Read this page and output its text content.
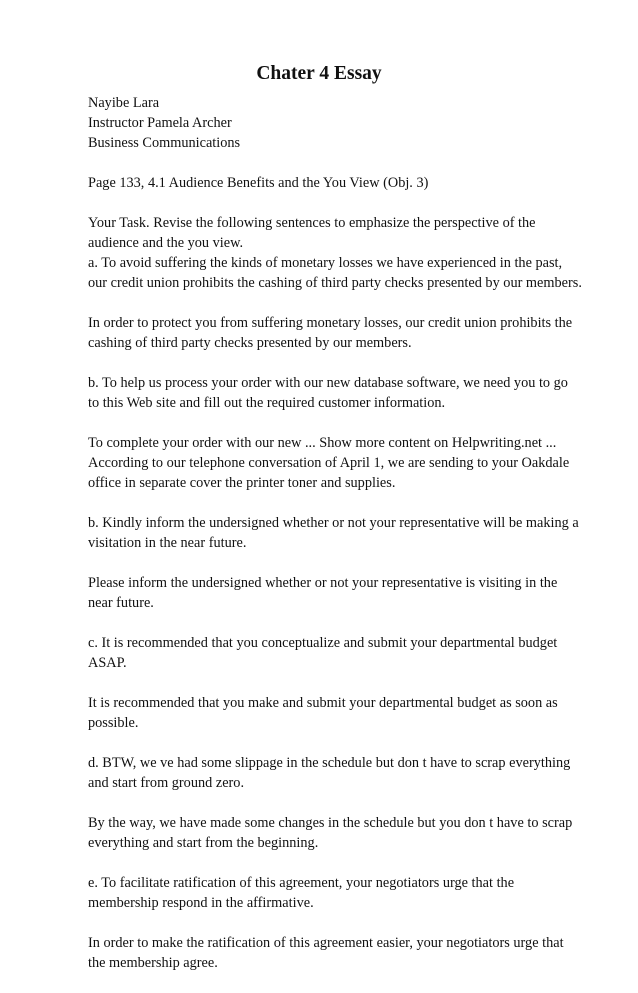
Chater 4 Essay

Nayibe Lara
Instructor Pamela Archer
Business Communications

Page 133, 4.1 Audience Benefits and the You View (Obj. 3)

Your Task. Revise the following sentences to emphasize the perspective of the
audience and the you view.

a. To avoid suffering the kinds of monetary losses we have experienced in the past,
our credit union prohibits the cashing of third party checks presented by our members.

In order to protect you from suffering monetary losses, our credit union prohibits the
cashing of third party checks presented by our members.

b. To help us process your order with our new database software, we need you to go
to this Web site and fill out the required customer information.

To complete your order with our new ... Show more content on Helpwriting.net ...
According to our telephone conversation of April 1, we are sending to your Oakdale
office in separate cover the printer toner and supplies.

b. Kindly inform the undersigned whether or not your representative will be making a
visitation in the near future.

Please inform the undersigned whether or not your representative is visiting in the
near future.

c. It is recommended that you conceptualize and submit your departmental budget
ASAP.

It is recommended that you make and submit your departmental budget as soon as
possible.

d. BTW, we ve had some slippage in the schedule but don t have to scrap everything
and start from ground zero.

By the way, we have made some changes in the schedule but you don t have to scrap
everything and start from the beginning.

e. To facilitate ratification of this agreement, your negotiators urge that the
membership respond in the affirmative.

In order to make the ratification of this agreement easier, your negotiators urge that
the membership agree.
